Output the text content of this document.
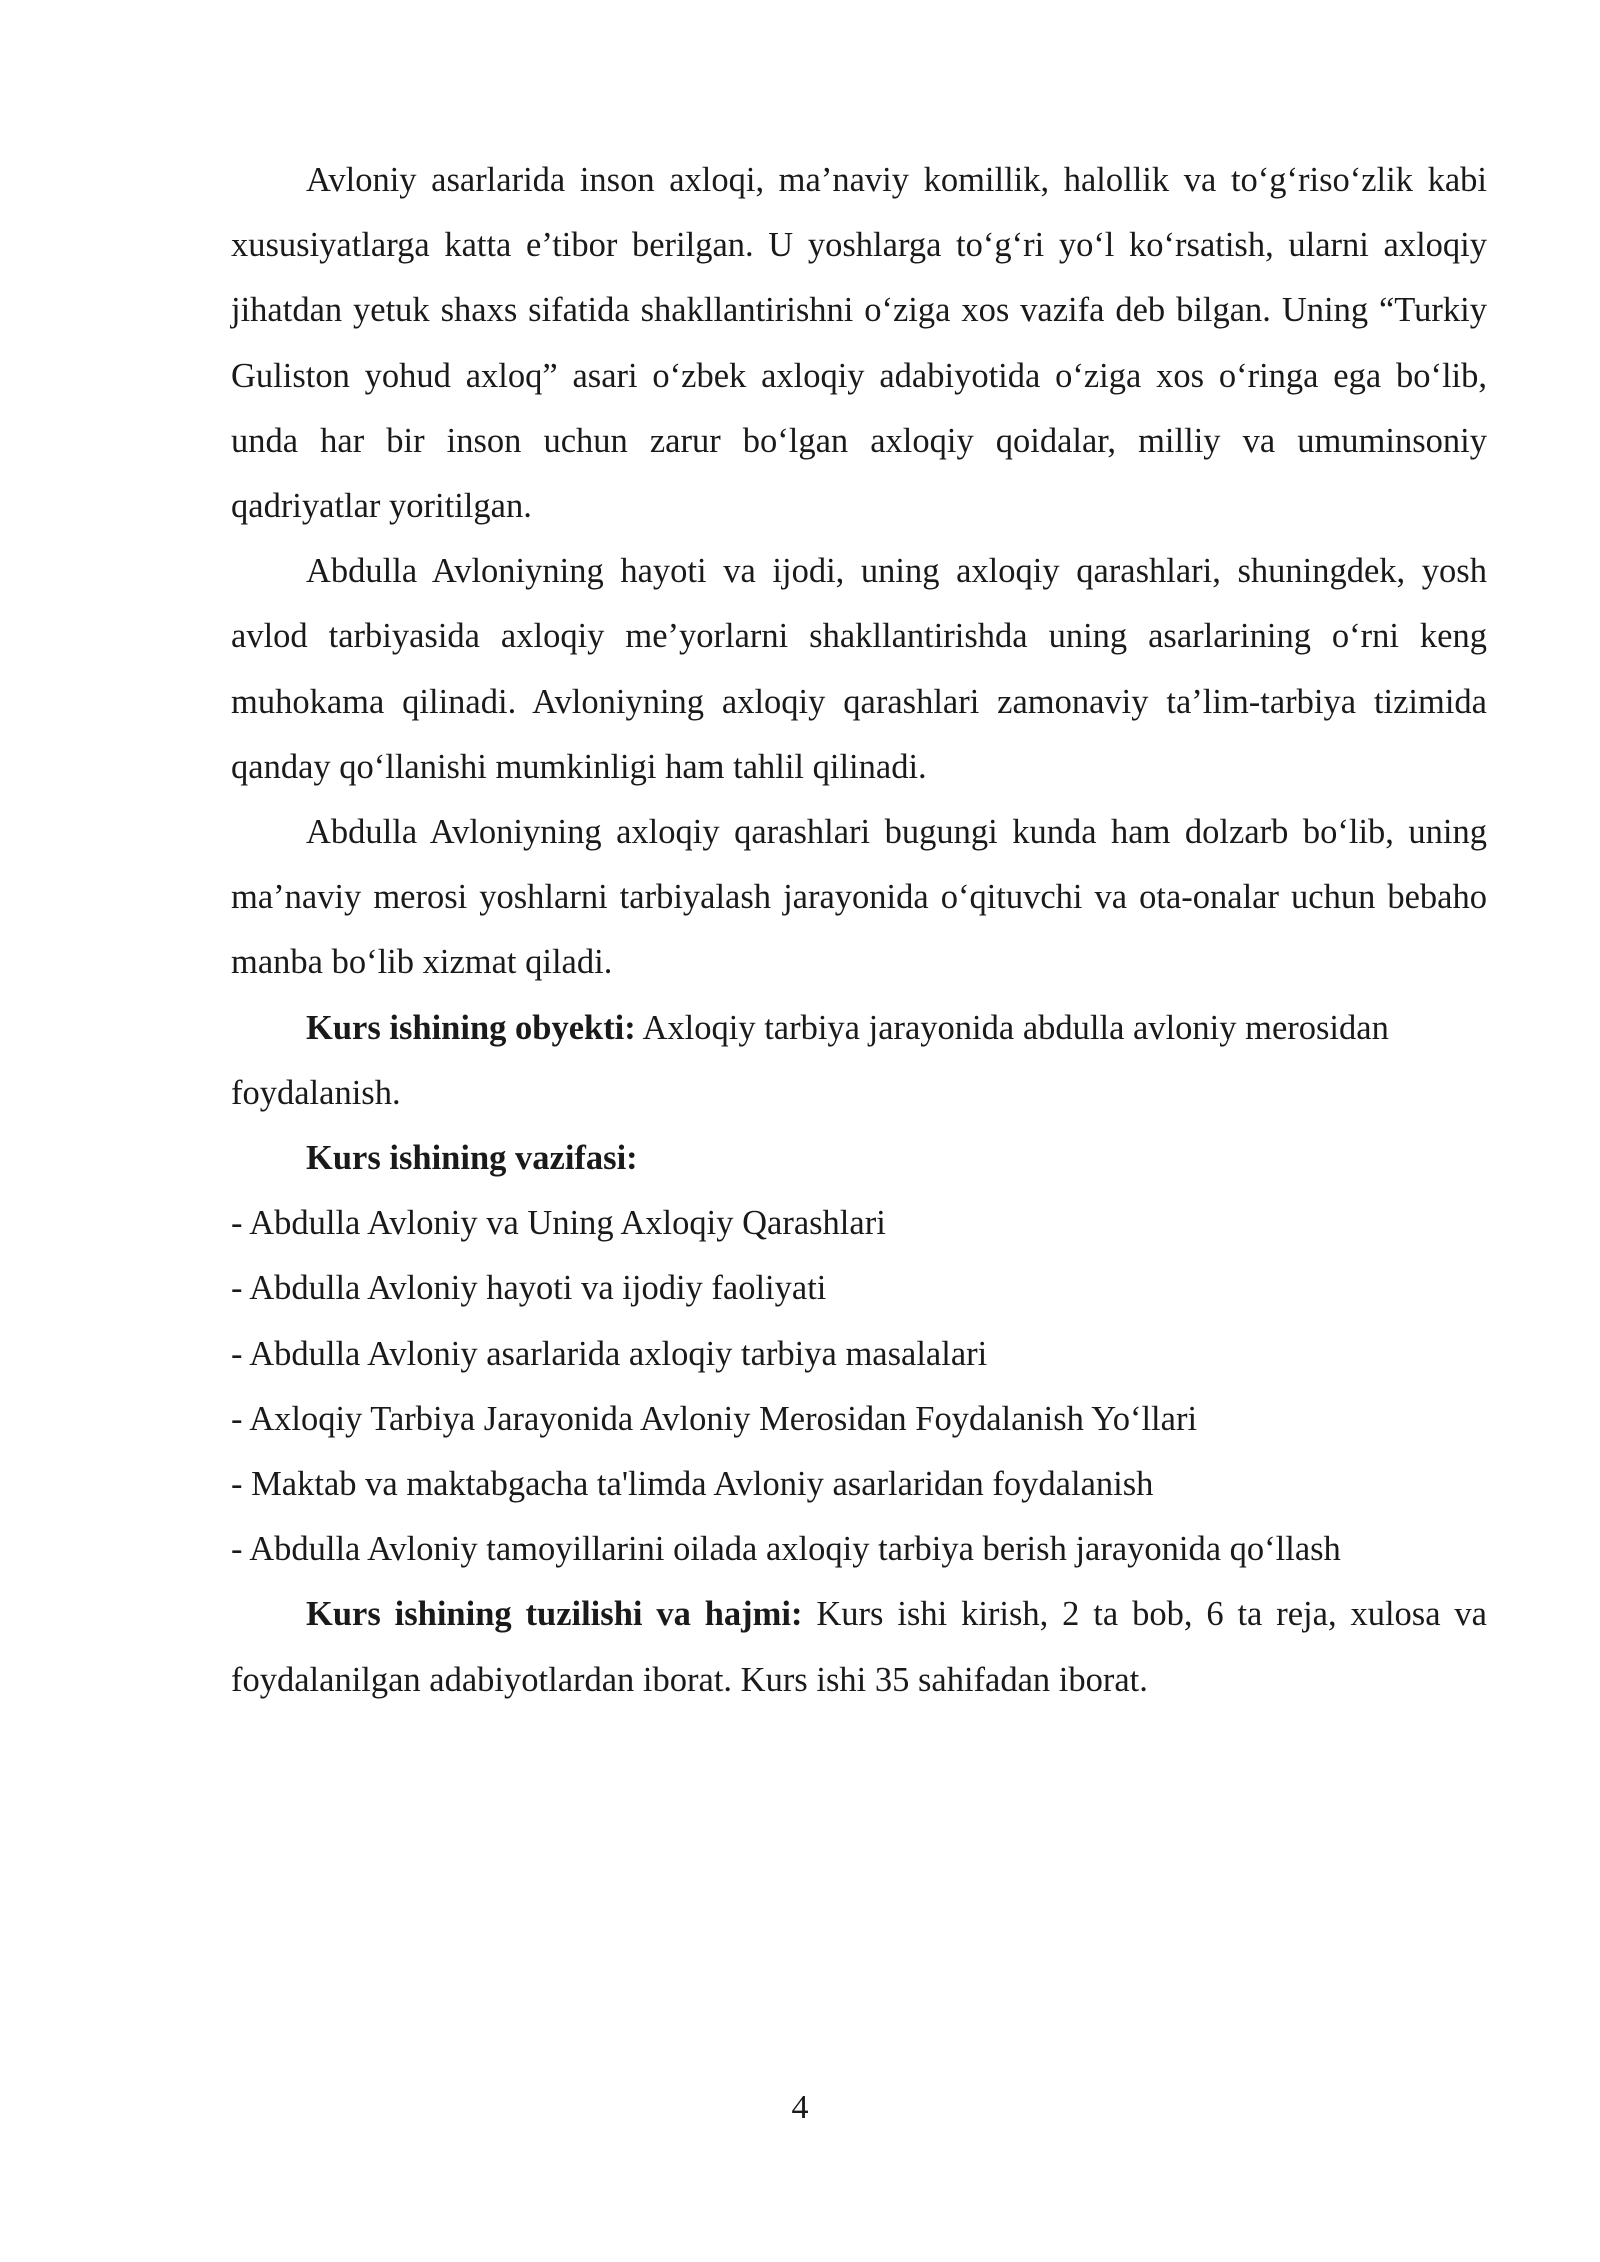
Avloniy asarlarida inson axloqi, ma’naviy komillik, halollik va to‘g‘riso‘zlik kabi xususiyatlarga katta e’tibor berilgan. U yoshlarga to‘g‘ri yo‘l ko‘rsatish, ularni axloqiy jihatdan yetuk shaxs sifatida shakllantirishni o‘ziga xos vazifa deb bilgan. Uning “Turkiy Guliston yohud axloq” asari o‘zbek axloqiy adabiyotida o‘ziga xos o‘ringa ega bo‘lib, unda har bir inson uchun zarur bo‘lgan axloqiy qoidalar, milliy va umuminsoniy qadriyatlar yoritilgan.

Abdulla Avloniyning hayoti va ijodi, uning axloqiy qarashlari, shuningdek, yosh avlod tarbiyasida axloqiy me’yorlarni shakllantirishda uning asarlarining o‘rni keng muhokama qilinadi. Avloniyning axloqiy qarashlari zamonaviy ta’lim-tarbiya tizimida qanday qo‘llanishi mumkinligi ham tahlil qilinadi.

Abdulla Avloniyning axloqiy qarashlari bugungi kunda ham dolzarb bo‘lib, uning ma’naviy merosi yoshlarni tarbiyalash jarayonida o‘qituvchi va ota-onalar uchun bebaho manba bo‘lib xizmat qiladi.

Kurs ishining obyekti: Axloqiy tarbiya jarayonida abdulla avloniy merosidan foydalanish.

Kurs ishining vazifasi:

- Abdulla Avloniy va Uning Axloqiy Qarashlari
- Abdulla Avloniy hayoti va ijodiy faoliyati
- Abdulla Avloniy asarlarida axloqiy tarbiya masalalari
- Axloqiy Tarbiya Jarayonida Avloniy Merosidan Foydalanish Yo‘llari
- Maktab va maktabgacha ta'limda Avloniy asarlaridan foydalanish
- Abdulla Avloniy tamoyillarini oilada axloqiy tarbiya berish jarayonida qo‘llash

Kurs ishining tuzilishi va hajmi: Kurs ishi kirish, 2 ta bob, 6 ta reja, xulosa va foydalanilgan adabiyotlardan iborat. Kurs ishi 35 sahifadan iborat.

4
